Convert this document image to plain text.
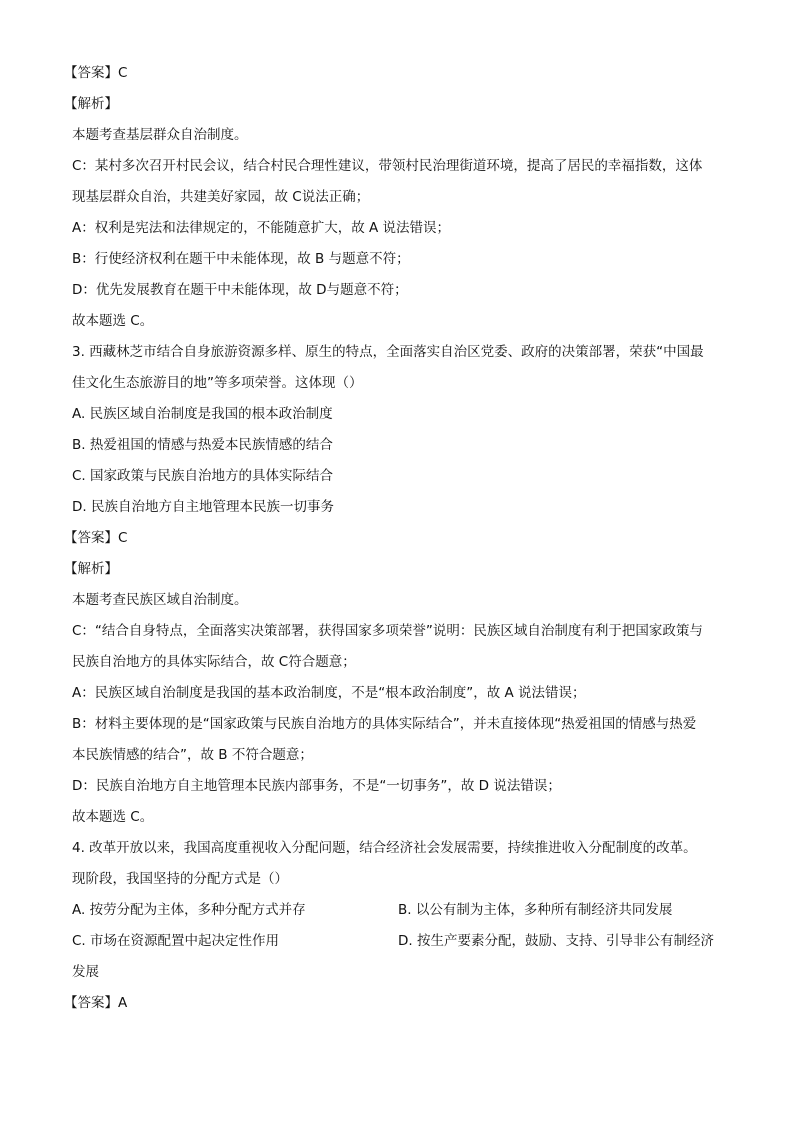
【答案】C

【解析】

本题考查基层群众自治制度。

C：某村多次召开村民会议，结合村民合理性建议，带领村民治理街道环境，提高了居民的幸福指数，这体

现基层群众自治，共建美好家园，故 C说法正确；

A：权利是宪法和法律规定的，不能随意扩大，故 A 说法错误；

B：行使经济权利在题干中未能体现，故 B 与题意不符；

D：优先发展教育在题干中未能体现，故 D与题意不符；

故本题选 C。

3. 西藏林芝市结合自身旅游资源多样、原生的特点，全面落实自治区党委、政府的决策部署，荣获“中国最

佳文化生态旅游目的地”等多项荣誉。这体现（）

A. 民族区域自治制度是我国的根本政治制度

B. 热爱祖国的情感与热爱本民族情感的结合

C. 国家政策与民族自治地方的具体实际结合

D. 民族自治地方自主地管理本民族一切事务

【答案】C

【解析】

本题考查民族区域自治制度。

C：“结合自身特点，全面落实决策部署，获得国家多项荣誉”说明：民族区域自治制度有利于把国家政策与

民族自治地方的具体实际结合，故 C符合题意；

A：民族区域自治制度是我国的基本政治制度，不是“根本政治制度”，故 A 说法错误；

B：材料主要体现的是“国家政策与民族自治地方的具体实际结合”，并未直接体现“热爱祖国的情感与热爱

本民族情感的结合”，故 B 不符合题意；

D：民族自治地方自主地管理本民族内部事务，不是“一切事务”，故 D 说法错误；

故本题选 C。

4. 改革开放以来，我国高度重视收入分配问题，结合经济社会发展需要，持续推进收入分配制度的改革。

现阶段，我国坚持的分配方式是（）

A. 按劳分配为主体，多种分配方式并存	B. 以公有制为主体，多种所有制经济共同发展
C. 市场在资源配置中起决定性作用	D. 按生产要素分配，鼓励、支持、引导非公有制经济

发展

【答案】A
